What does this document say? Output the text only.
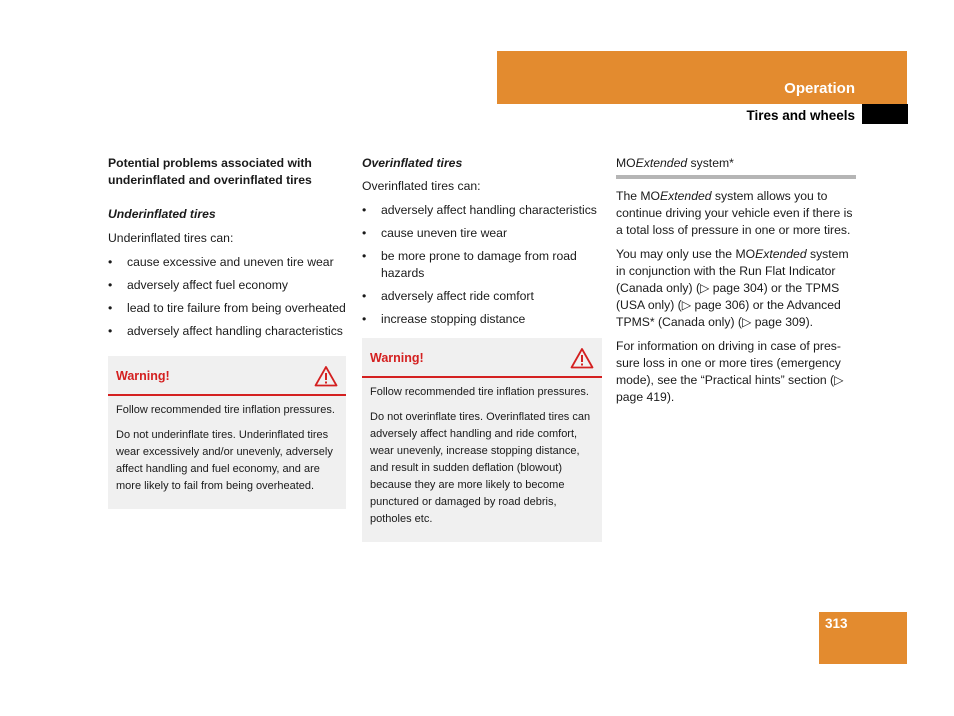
Operation
Tires and wheels

Potential problems associated with underinflated and overinflated tires

Underinflated tires

Underinflated tires can:

• cause excessive and uneven tire wear
• adversely affect fuel economy
• lead to tire failure from being overheated
• adversely affect handling characteristics
Warning!

Follow recommended tire inflation pressures.

Do not underinflate tires. Underinflated tires wear excessively and/or unevenly, adversely affect handling and fuel economy, and are more likely to fail from being overheated.

Overinflated tires

Overinflated tires can:

• adversely affect handling characteristics
• cause uneven tire wear
• be more prone to damage from road hazards
• adversely affect ride comfort
• increase stopping distance
Warning!

Follow recommended tire inflation pressures.

Do not overinflate tires. Overinflated tires can adversely affect handling and ride comfort, wear unevenly, increase stopping distance, and result in sudden deflation (blowout) because they are more likely to become punctured or damaged by road debris, potholes etc.

MOExtended system*

The MOExtended system allows you to continue driving your vehicle even if there is a total loss of pressure in one or more tires.

You may only use the MOExtended system in conjunction with the Run Flat Indicator (Canada only) (▷ page 304) or the TPMS (USA only) (▷ page 306) or the Advanced TPMS* (Canada only) (▷ page 309).

For information on driving in case of pres-sure loss in one or more tires (emergency mode), see the “Practical hints” section (▷ page 419).

313
